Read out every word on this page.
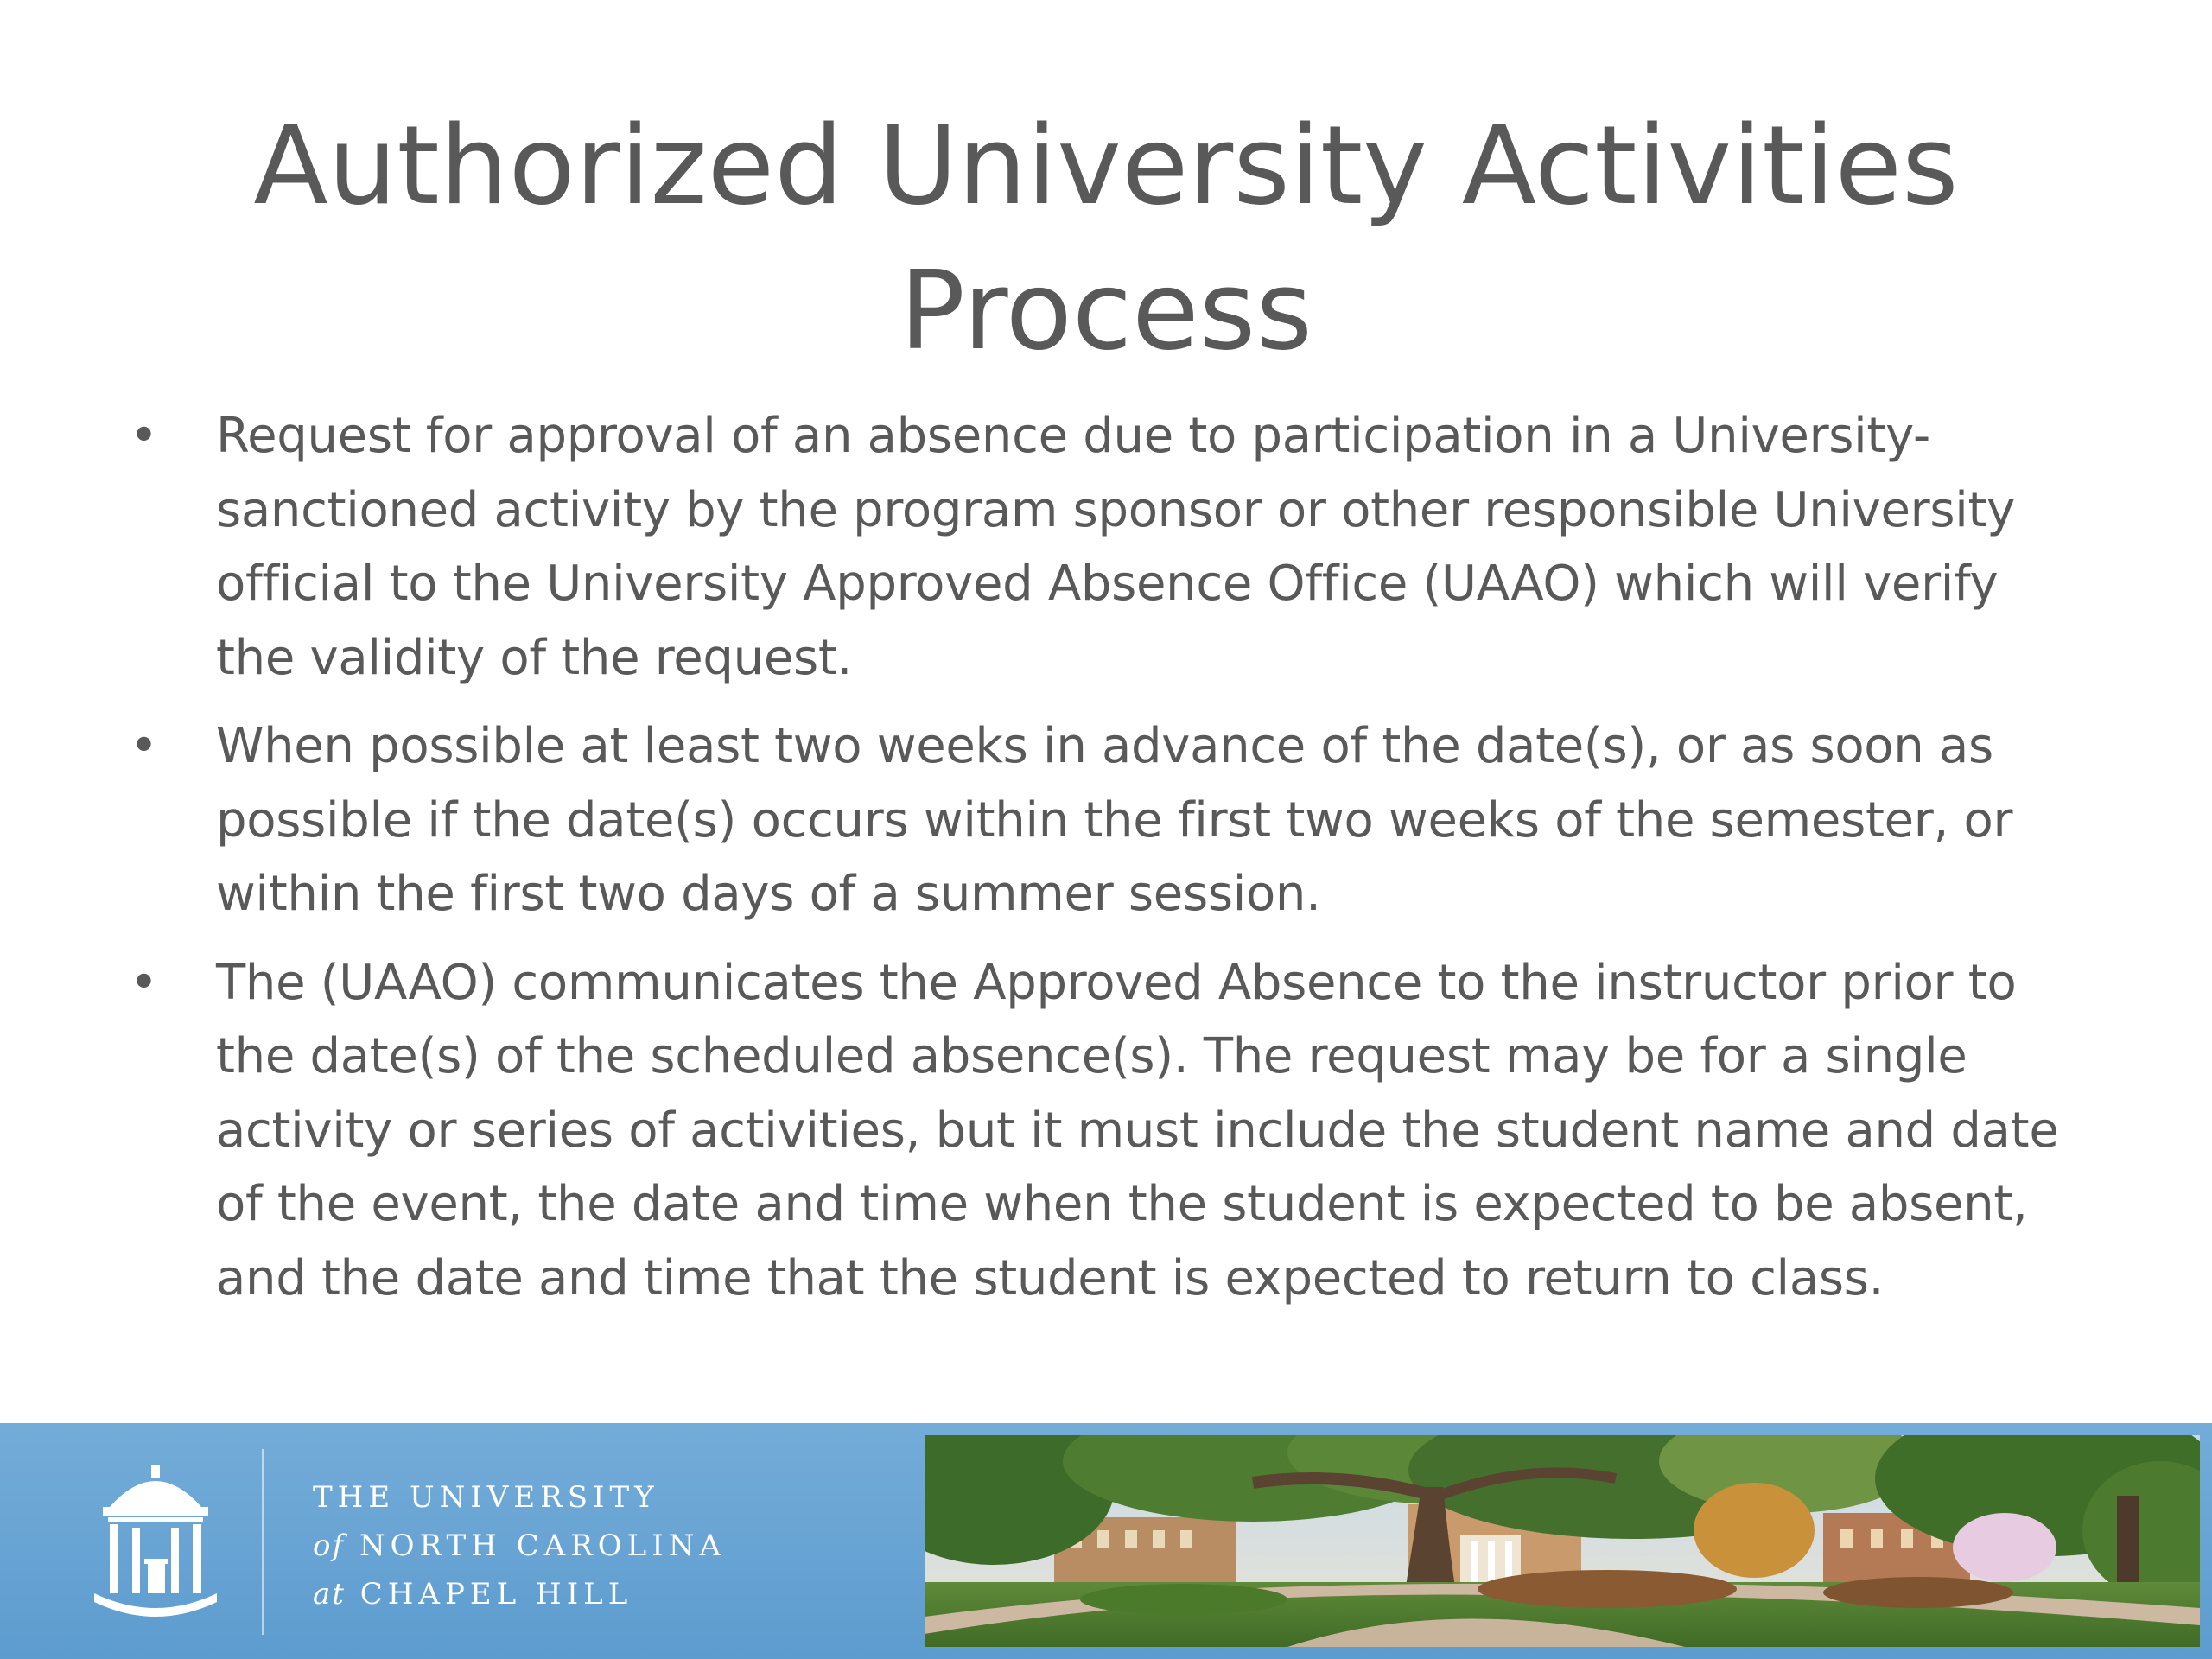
Authorized University Activities
Process
• Request for approval of an absence due to participation in a University-sanctioned activity by the program sponsor or other responsible University official to the University Approved Absence Office (UAAO) which will verify the validity of the request.
• When possible at least two weeks in advance of the date(s), or as soon as possible if the date(s) occurs within the first two weeks of the semester, or within the first two days of a summer session.
• The (UAAO) communicates the Approved Absence to the instructor prior to the date(s) of the scheduled absence(s). The request may be for a single activity or series of activities, but it must include the student name and date of the event, the date and time when the student is expected to be absent, and the date and time that the student is expected to return to class.
THE UNIVERSITY
of NORTH CAROLINA
at CHAPEL HILL
